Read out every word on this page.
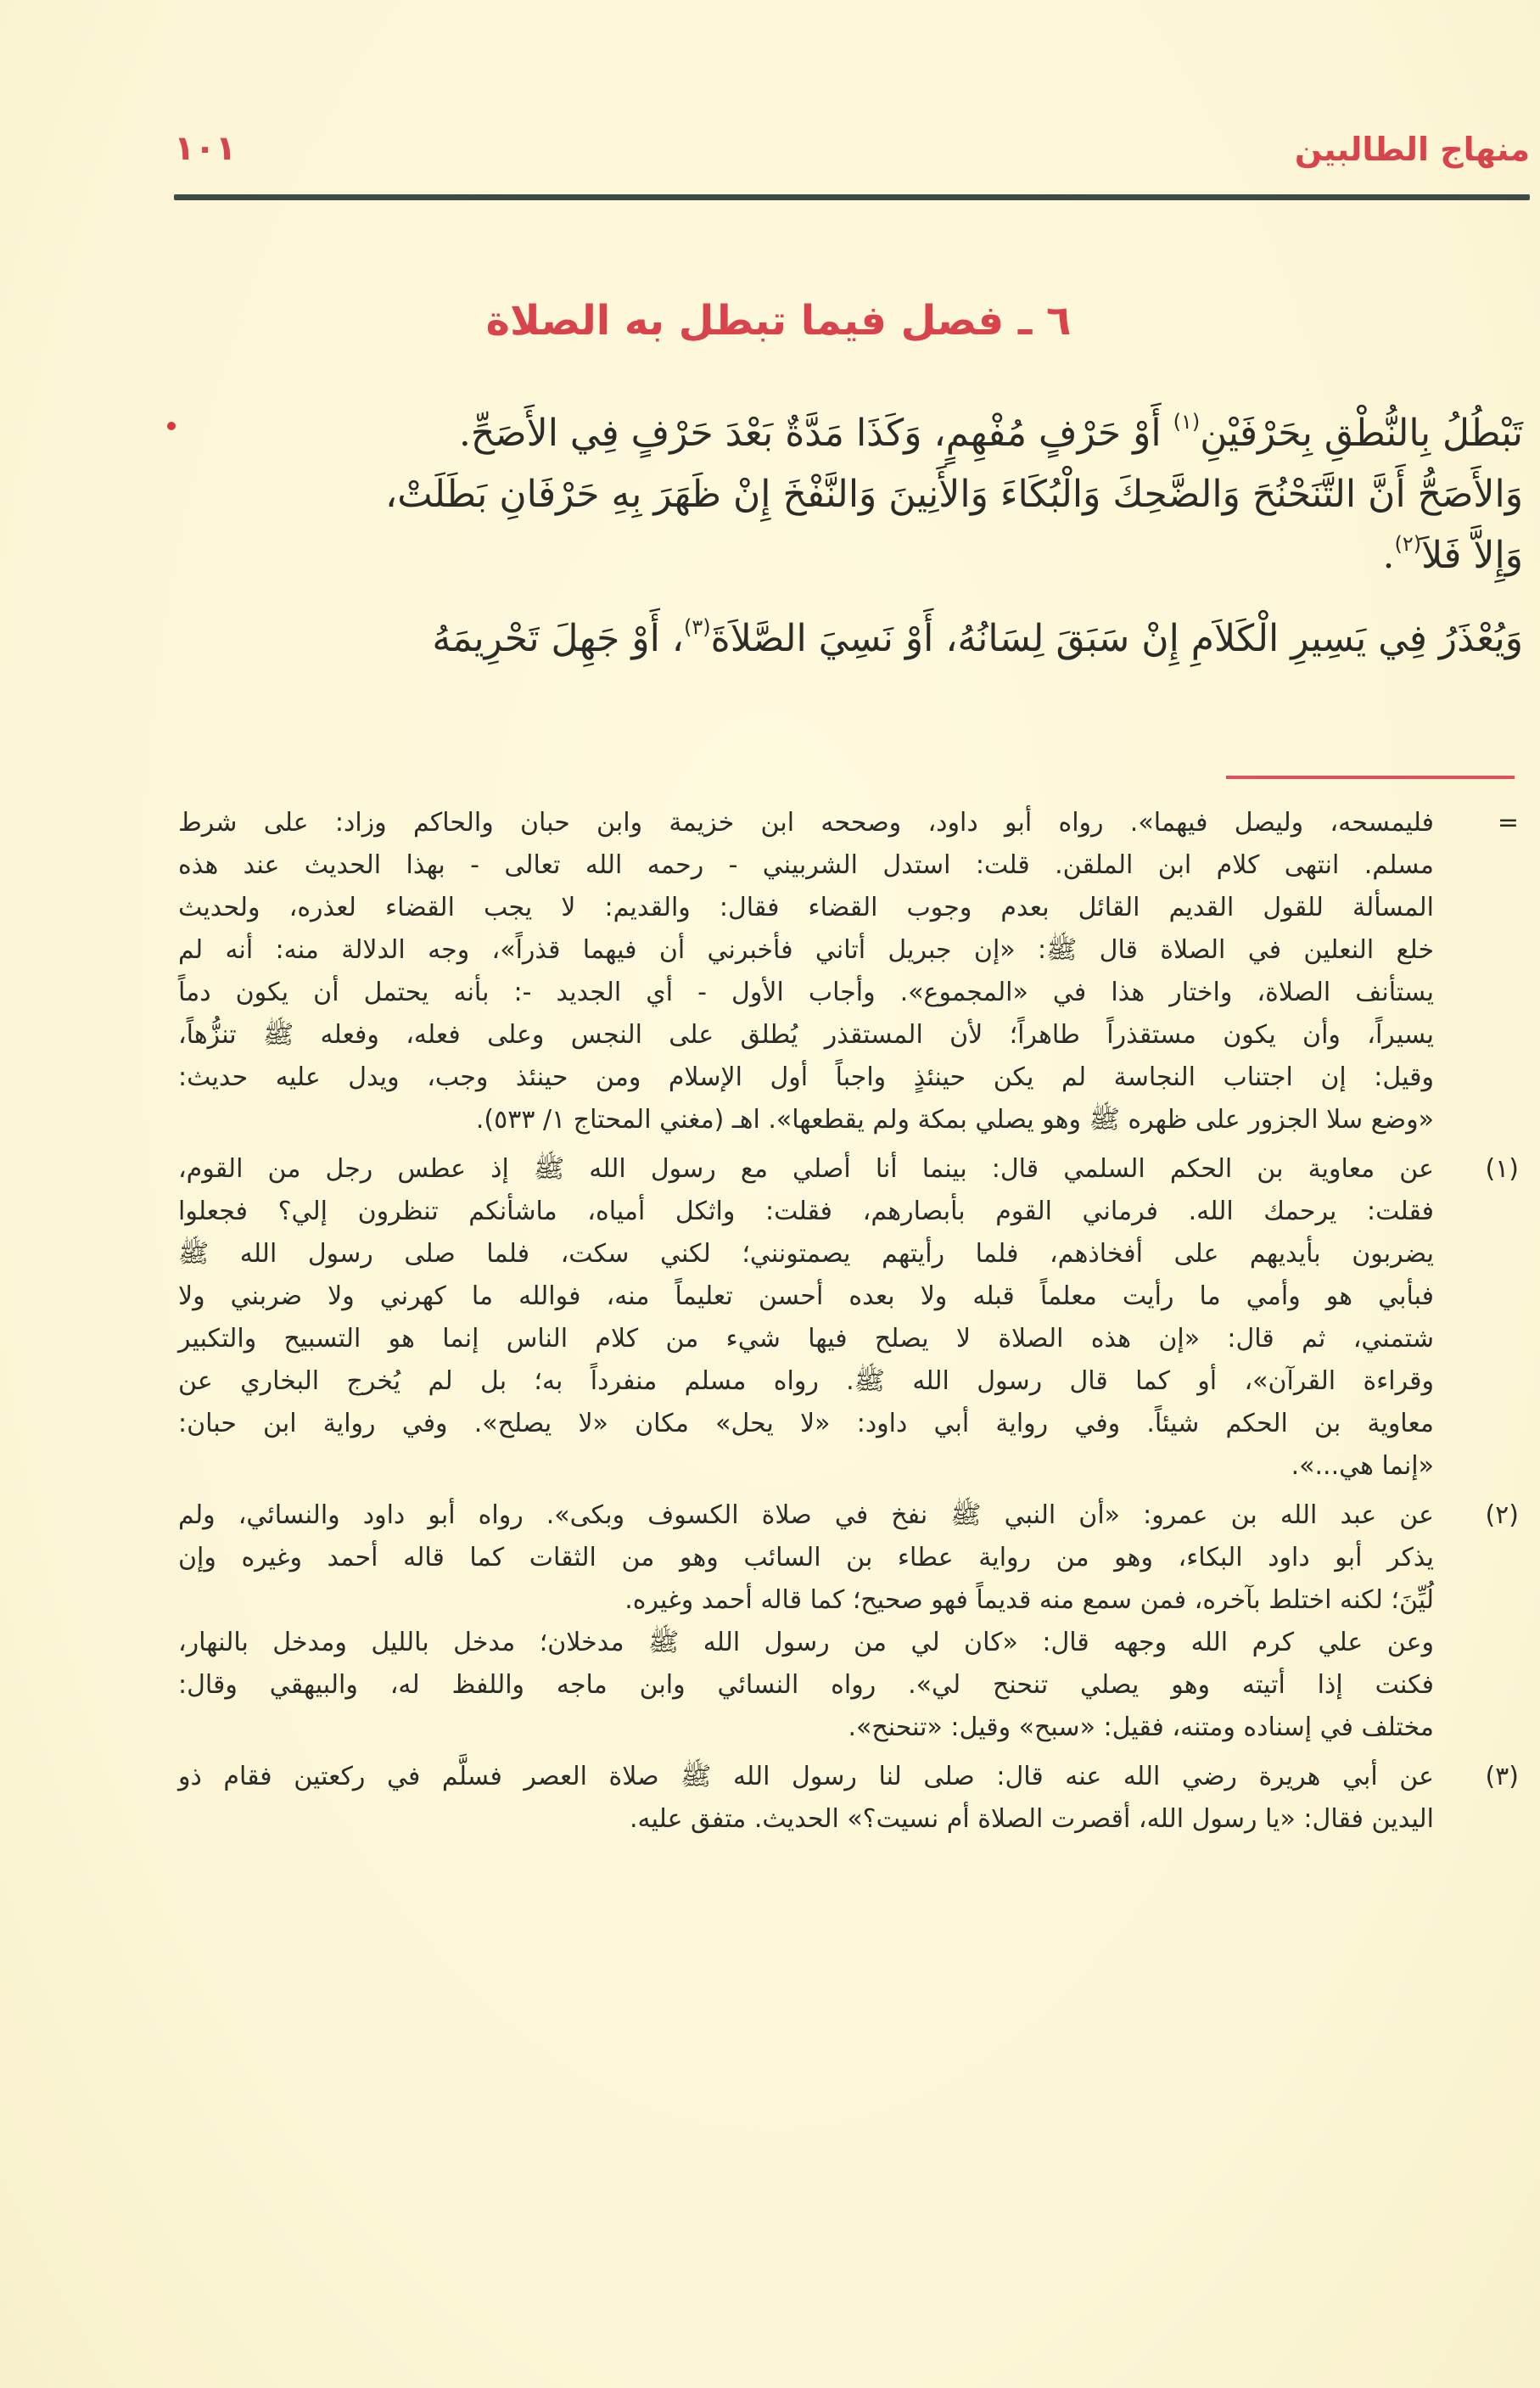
منهاج الطالبين
١٠١
٦ ـ فصل فيما تبطل به الصلاة

تَبْطُلُ بِالنُّطْقِ بِحَرْفَيْنِ$^{(١)}$ أَوْ حَرْفٍ مُفْهِمٍ، وَكَذَا مَدَّةٌ بَعْدَ حَرْفٍ فِي الأَصَحِّ.
وَالأَصَحُّ أَنَّ التَّنَحْنُحَ وَالضَّحِكَ وَالْبُكَاءَ وَالأَنِينَ وَالنَّفْخَ إِنْ ظَهَرَ بِهِ حَرْفَانِ بَطَلَتْ،
وَإِلاَّ فَلاَ$^{(٢)}$.

وَيُعْذَرُ فِي يَسِيرِ الْكَلاَمِ إِنْ سَبَقَ لِسَانُهُ، أَوْ نَسِيَ الصَّلاَةَ$^{(٣)}$، أَوْ جَهِلَ تَحْرِيمَهُ

=
فليمسحه، وليصل فيهما». رواه أبو داود، وصححه ابن خزيمة وابن حبان والحاكم وزاد: على شرط
مسلم. انتهى كلام ابن الملقن. قلت: استدل الشربيني - رحمه الله تعالى - بهذا الحديث عند هذه
المسألة للقول القديم القائل بعدم وجوب القضاء فقال: والقديم: لا يجب القضاء لعذره، ولحديث
خلع النعلين في الصلاة قال ﷺ: «إن جبريل أتاني فأخبرني أن فيهما قذراً»، وجه الدلالة منه: أنه لم
يستأنف الصلاة، واختار هذا في «المجموع». وأجاب الأول - أي الجديد -: بأنه يحتمل أن يكون دماً
يسيراً، وأن يكون مستقذراً طاهراً؛ لأن المستقذر يُطلق على النجس وعلى فعله، وفعله ﷺ تنزُّهاً،
وقيل: إن اجتناب النجاسة لم يكن حينئذٍ واجباً أول الإسلام ومن حينئذ وجب، ويدل عليه حديث:
«وضع سلا الجزور على ظهره ﷺ وهو يصلي بمكة ولم يقطعها». اهـ (مغني المحتاج ١/ ٥٣٣).
(١)
عن معاوية بن الحكم السلمي قال: بينما أنا أصلي مع رسول الله ﷺ إذ عطس رجل من القوم،
فقلت: يرحمك الله. فرماني القوم بأبصارهم، فقلت: واثكل أمياه، ماشأنكم تنظرون إلي؟ فجعلوا
يضربون بأيديهم على أفخاذهم، فلما رأيتهم يصمتونني؛ لكني سكت، فلما صلى رسول الله ﷺ
فبأبي هو وأمي ما رأيت معلماً قبله ولا بعده أحسن تعليماً منه، فوالله ما كهرني ولا ضربني ولا
شتمني، ثم قال: «إن هذه الصلاة لا يصلح فيها شيء من كلام الناس إنما هو التسبيح والتكبير
وقراءة القرآن»، أو كما قال رسول الله ﷺ. رواه مسلم منفرداً به؛ بل لم يُخرج البخاري عن
معاوية بن الحكم شيئاً. وفي رواية أبي داود: «لا يحل» مكان «لا يصلح». وفي رواية ابن حبان:
«إنما هي...».
(٢)
عن عبد الله بن عمرو: «أن النبي ﷺ نفخ في صلاة الكسوف وبكى». رواه أبو داود والنسائي، ولم
يذكر أبو داود البكاء، وهو من رواية عطاء بن السائب وهو من الثقات كما قاله أحمد وغيره وإن
لُيِّنَ؛ لكنه اختلط بآخره، فمن سمع منه قديماً فهو صحيح؛ كما قاله أحمد وغيره.
وعن علي كرم الله وجهه قال: «كان لي من رسول الله ﷺ مدخلان؛ مدخل بالليل ومدخل بالنهار،
فكنت إذا أتيته وهو يصلي تنحنح لي». رواه النسائي وابن ماجه واللفظ له، والبيهقي وقال:
مختلف في إسناده ومتنه، فقيل: «سبح» وقيل: «تنحنح».
(٣)
عن أبي هريرة رضي الله عنه قال: صلى لنا رسول الله ﷺ صلاة العصر فسلَّم في ركعتين فقام ذو
اليدين فقال: «يا رسول الله، أقصرت الصلاة أم نسيت؟» الحديث. متفق عليه.
